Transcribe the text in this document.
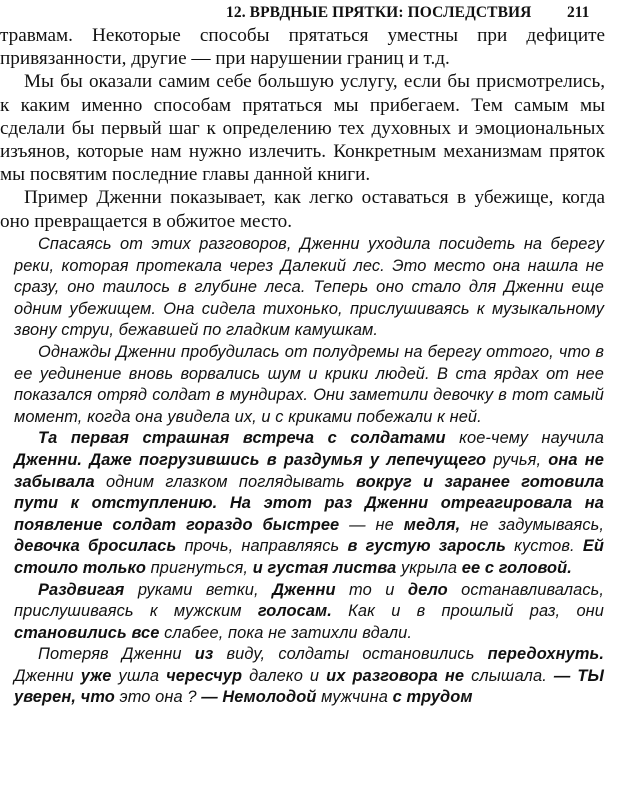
12. ВРВДНЫЕ ПРЯТКИ: ПОСЛЕДСТВИЯ 211

травмам. Некоторые способы прятаться уместны при дефиците привязанности, другие — при нарушении границ и т.д.

Мы бы оказали самим себе большую услугу, если бы присмотрелись, к каким именно способам прятаться мы прибегаем. Тем самым мы сделали бы первый шаг к определению тех духовных и эмоциональных изъянов, которые нам нужно излечить. Конкретным механизмам пряток мы посвятим последние главы данной книги.

Пример Дженни показывает, как легко оставаться в убежище, когда оно превращается в обжитое место.

Спасаясь от этих разговоров, Дженни уходила посидеть на берегу реки, которая протекала через Далекий лес. Это место она нашла не сразу, оно таилось в глубине леса. Теперь оно стало для Дженни еще одним убежищем. Она сидела тихонько, прислушиваясь к музыкальному звону струи, бежавшей по гладким камушкам.

Однажды Дженни пробудилась от полудремы на берегу оттого, что в ее уединение вновь ворвались шум и крики людей. В ста ярдах от нее показался отряд солдат в мундирах. Они заметили девочку в тот самый момент, когда она увидела их, и с криками побежали к ней.

Та первая страшная встреча с солдатами кое-чему научила Дженни. Даже погрузившись в раздумья у лепечущего ручья, она не забывала одним глазком поглядывать вокруг и заранее готовила пути к отступлению. На этот раз Дженни отреагировала на появление солдат гораздо быстрее — не медля, не задумываясь, девочка бросилась прочь, направляясь в густую заросль кустов. Ей стоило только пригнуться, и густая листва укрыла ее с головой.

Раздвигая руками ветки, Дженни то и дело останавливалась, прислушиваясь к мужским голосам. Как и в прошлый раз, они становились все слабее, пока не затихли вдали.

Потеряв Дженни из виду, солдаты остановились передохнуть. Дженни уже ушла чересчур далеко и их разговора не слышала. — ТЫ уверен, что это она ? — Немолодой мужчина с трудом
